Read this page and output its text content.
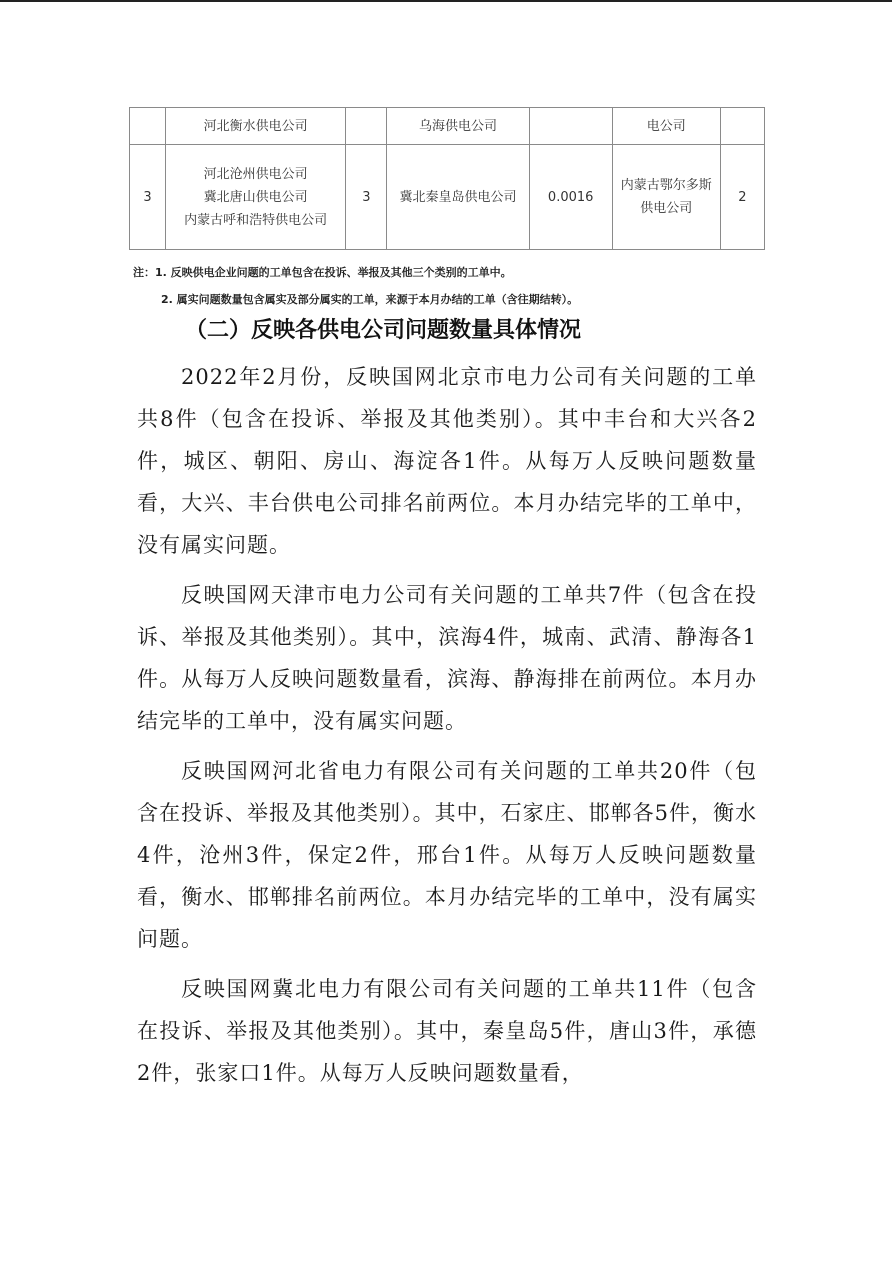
	河北衡水供电公司		乌海供电公司		电公司	
3	河北沧州供电公司
冀北唐山供电公司
内蒙古呼和浩特供电公司	3	冀北秦皇岛供电公司	0.0016	内蒙古鄂尔多斯供电公司	2
注：1. 反映供电企业问题的工单包含在投诉、举报及其他三个类别的工单中。
2. 属实问题数量包含属实及部分属实的工单，来源于本月办结的工单（含往期结转）。
（二）反映各供电公司问题数量具体情况

2022年2月份，反映国网北京市电力公司有关问题的工单共8件（包含在投诉、举报及其他类别）。其中丰台和大兴各2件，城区、朝阳、房山、海淀各1件。从每万人反映问题数量看，大兴、丰台供电公司排名前两位。本月办结完毕的工单中，没有属实问题。

反映国网天津市电力公司有关问题的工单共7件（包含在投诉、举报及其他类别）。其中，滨海4件，城南、武清、静海各1件。从每万人反映问题数量看，滨海、静海排在前两位。本月办结完毕的工单中，没有属实问题。

反映国网河北省电力有限公司有关问题的工单共20件（包含在投诉、举报及其他类别）。其中，石家庄、邯郸各5件，衡水4件，沧州3件，保定2件，邢台1件。从每万人反映问题数量看，衡水、邯郸排名前两位。本月办结完毕的工单中，没有属实问题。

反映国网冀北电力有限公司有关问题的工单共11件（包含在投诉、举报及其他类别）。其中，秦皇岛5件，唐山3件，承德2件，张家口1件。从每万人反映问题数量看，
